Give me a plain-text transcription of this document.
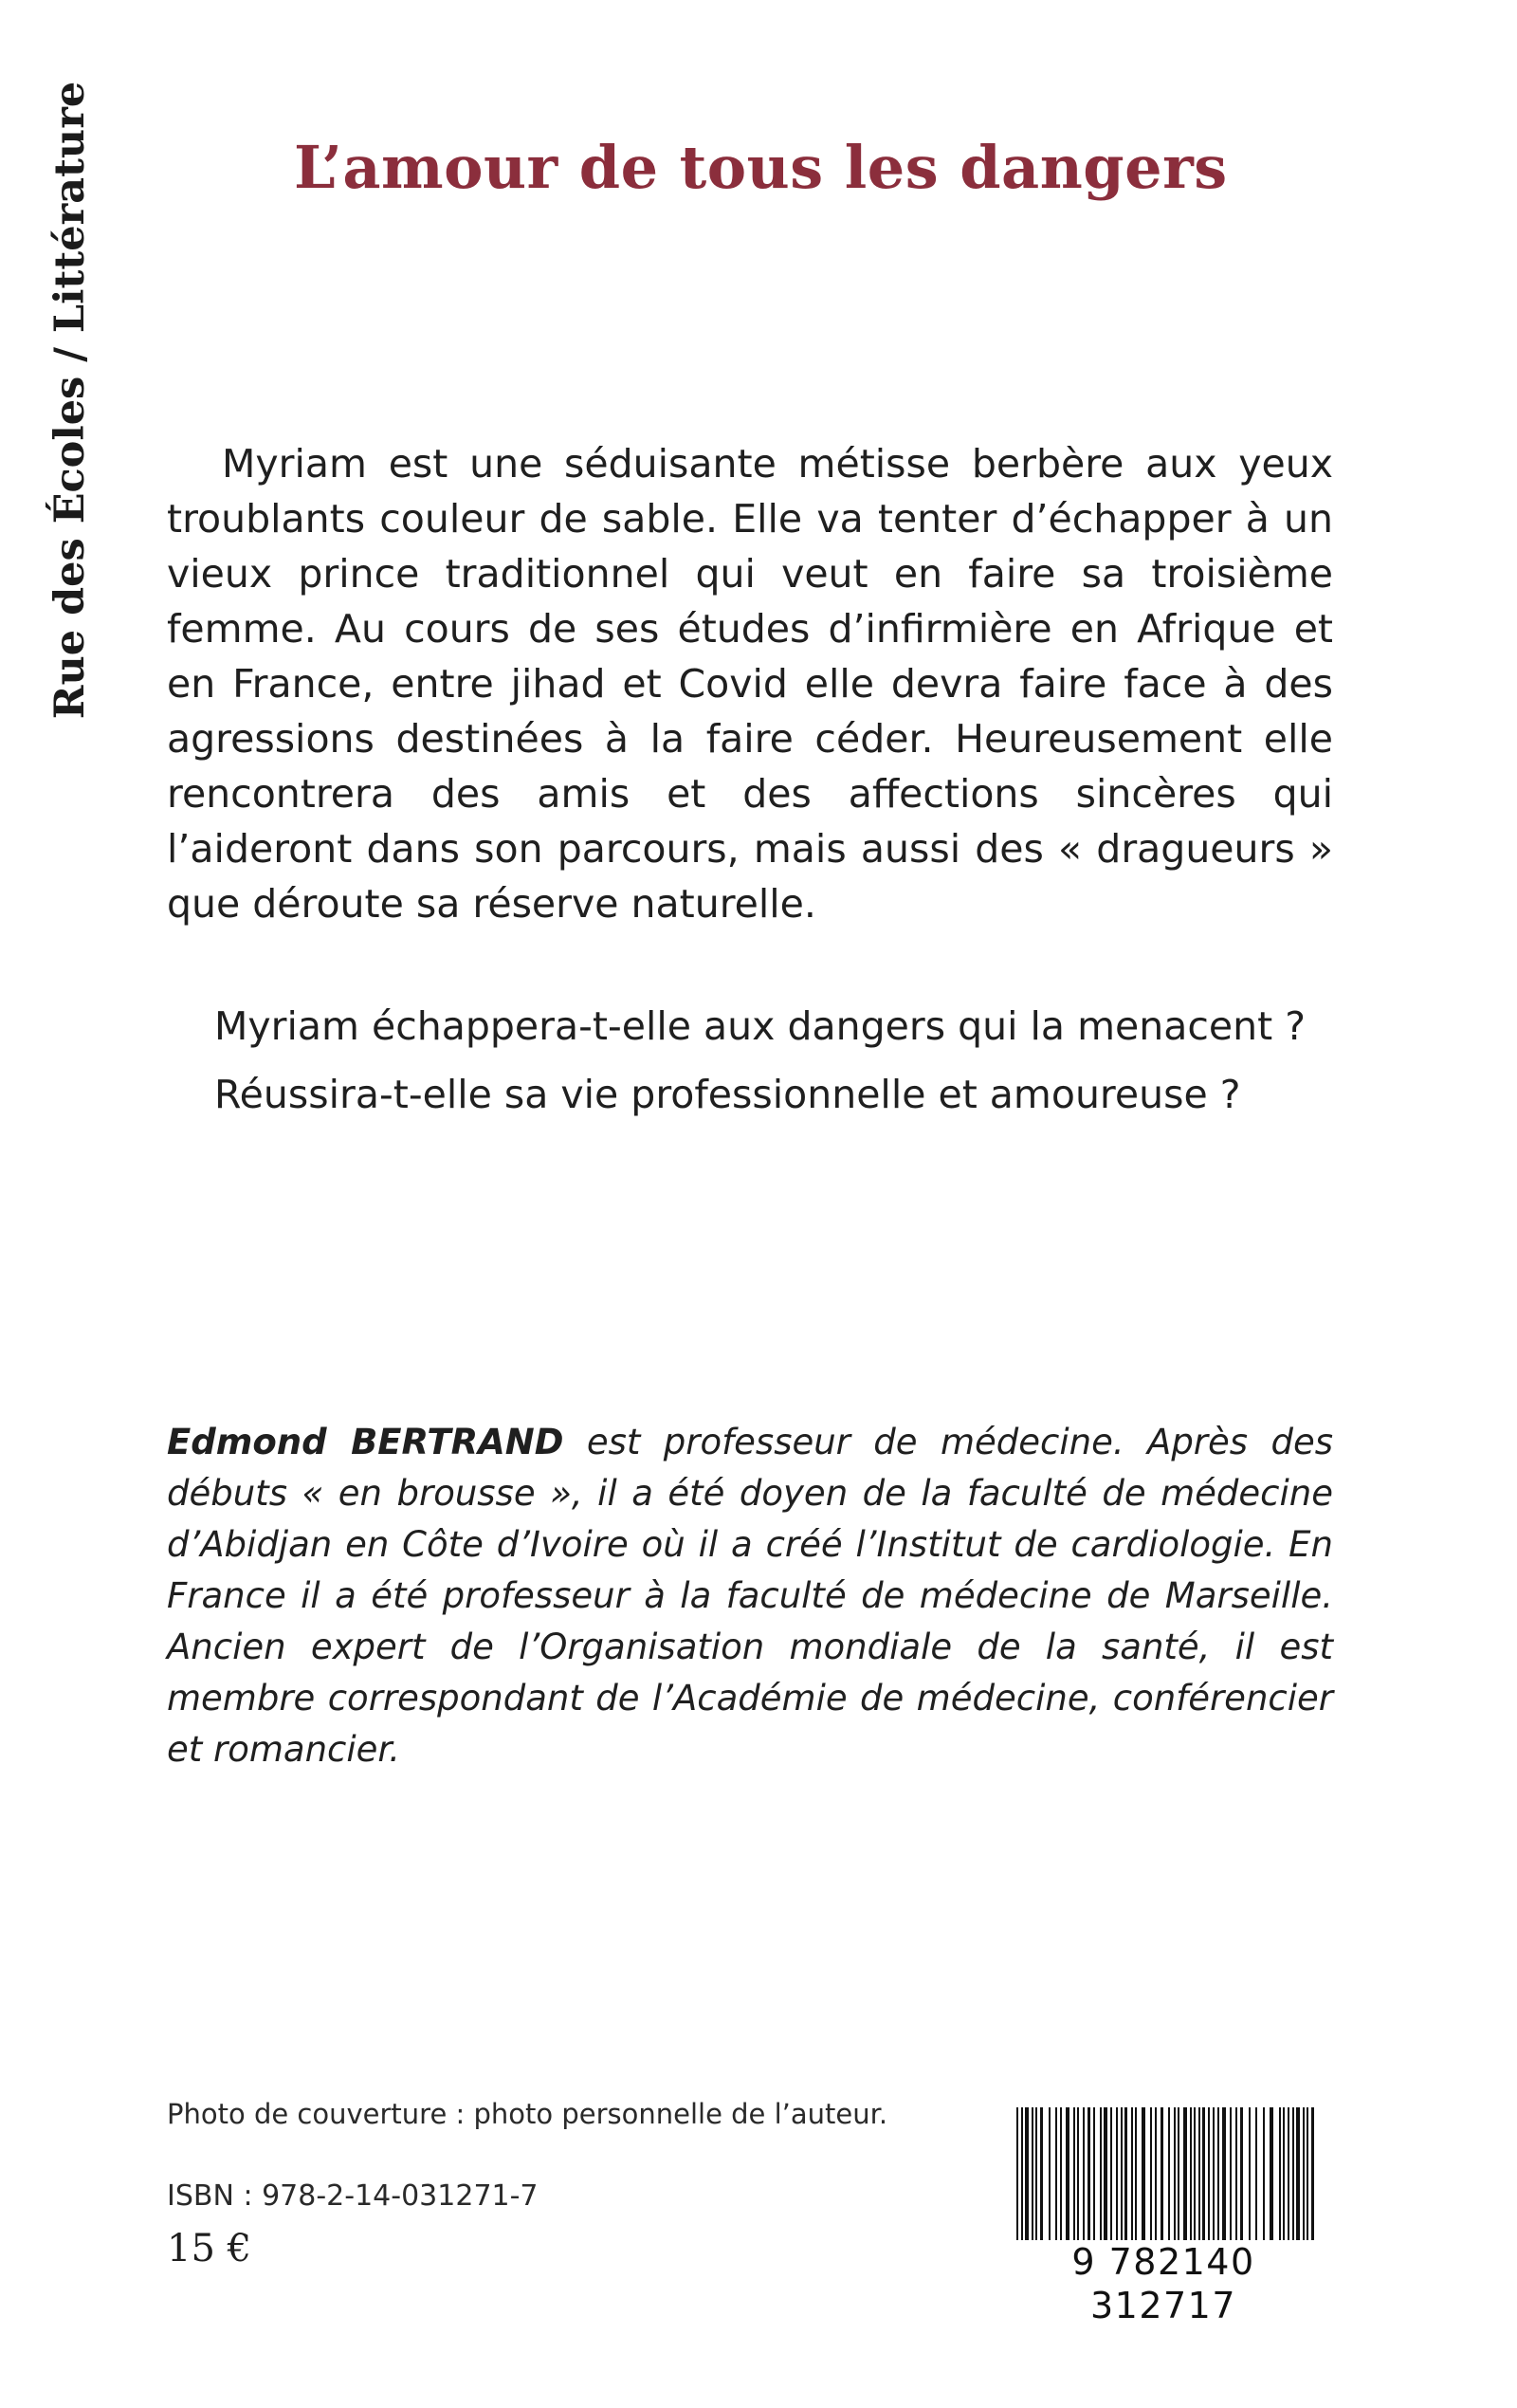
Rue des Écoles / Littérature	L’amour de tous les dangers

Myriam est une séduisante métisse berbère aux yeux troublants couleur de sable. Elle va tenter d’échapper à un vieux prince traditionnel qui veut en faire sa troisième femme. Au cours de ses études d’infirmière en Afrique et en France, entre jihad et Covid elle devra faire face à des agressions destinées à la faire céder. Heureusement elle rencontrera des amis et des affections sincères qui l’aideront dans son parcours, mais aussi des « dragueurs » que déroute sa réserve naturelle.

Myriam échappera-t-elle aux dangers qui la menacent ?

Réussira-t-elle sa vie professionnelle et amoureuse ?

Edmond BERTRAND est professeur de médecine. Après des débuts « en brousse », il a été doyen de la faculté de médecine d’Abidjan en Côte d’Ivoire où il a créé l’Institut de cardiologie. En France il a été professeur à la faculté de médecine de Marseille. Ancien expert de l’Organisation mondiale de la santé, il est membre correspondant de l’Académie de médecine, conférencier et romancier.

Photo de couverture : photo personnelle de l’auteur.
ISBN : 978-2-14-031271-7
15 €	9 782140 312717
